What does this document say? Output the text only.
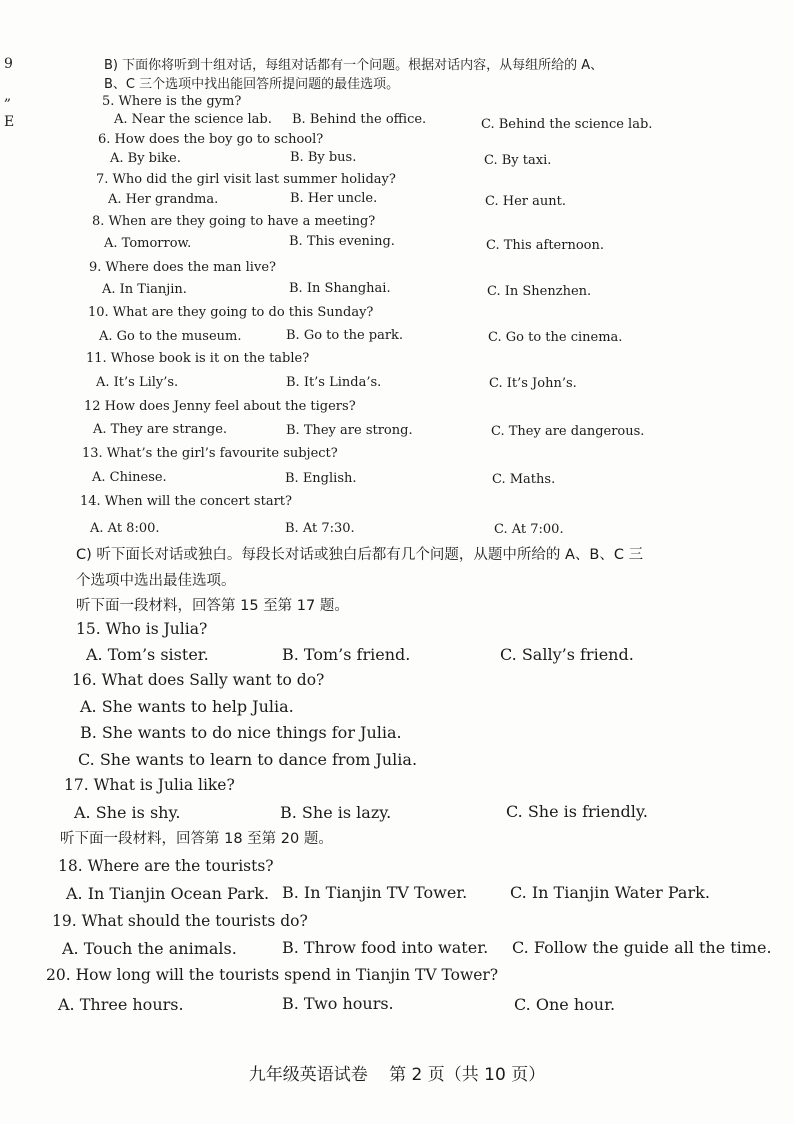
9
„
E
B) 下面你将听到十组对话，每组对话都有一个问题。根据对话内容，从每组所给的 A、
B、C 三个选项中找出能回答所提问题的最佳选项。
5. Where is the gym?
A. Near the science lab. B. Behind the office.	C. Behind the science lab.
6. How does the boy go to school?
A. By bike.	B. By bus.	C. By taxi.
7. Who did the girl visit last summer holiday?
A. Her grandma.	B. Her uncle.	C. Her aunt.
8. When are they going to have a meeting?
A. Tomorrow.	B. This evening.	C. This afternoon.
9. Where does the man live?
A. In Tianjin.	B. In Shanghai.	C. In Shenzhen.
10. What are they going to do this Sunday?
A. Go to the museum.	B. Go to the park.	C. Go to the cinema.
11. Whose book is it on the table?
A. It’s Lily’s.	B. It’s Linda’s.	C. It’s John’s.
12 How does Jenny feel about the tigers?
A. They are strange.	B. They are strong.	C. They are dangerous.
13. What’s the girl’s favourite subject?
A. Chinese.	B. English.	C. Maths.
14. When will the concert start?
A. At 8:00.	B. At 7:30.	C. At 7:00.
C) 听下面长对话或独白。每段长对话或独白后都有几个问题，从题中所给的 A、B、C 三
个选项中选出最佳选项。
听下面一段材料，回答第 15 至第 17 题。
15. Who is Julia?
A. Tom’s sister.	B. Tom’s friend.	C. Sally’s friend.
16. What does Sally want to do?
A. She wants to help Julia.
B. She wants to do nice things for Julia.
C. She wants to learn to dance from Julia.
17. What is Julia like?
A. She is shy.	B. She is lazy.	C. She is friendly.
听下面一段材料，回答第 18 至第 20 题。
18. Where are the tourists?
A. In Tianjin Ocean Park. B. In Tianjin TV Tower.	C. In Tianjin Water Park.
19. What should the tourists do?
A. Touch the animals.	B. Throw food into water. C. Follow the guide all the time.
20. How long will the tourists spend in Tianjin TV Tower?
A. Three hours.	B. Two hours.	C. One hour.
九年级英语试卷 第 2 页（共 10 页）
